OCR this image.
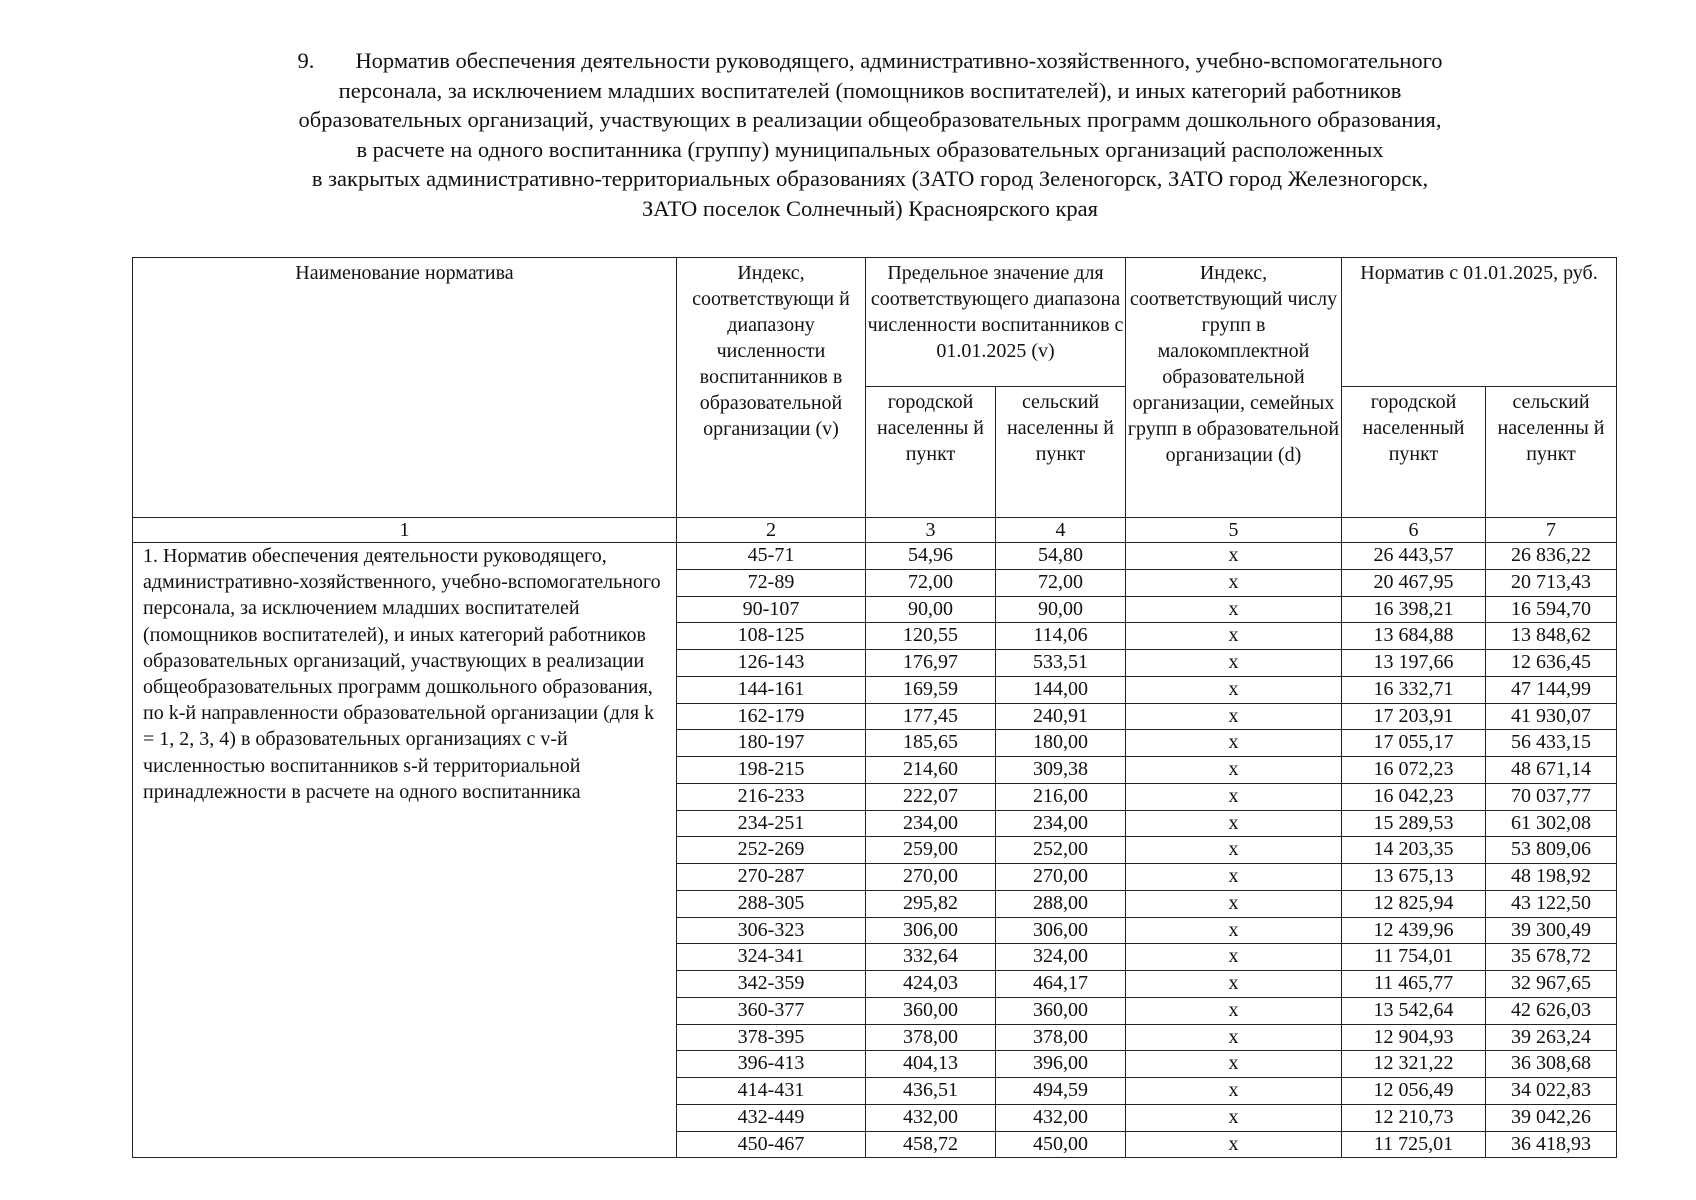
9. Норматив обеспечения деятельности руководящего, административно-хозяйственного, учебно-вспомогательного
персонала, за исключением младших воспитателей (помощников воспитателей), и иных категорий работников
образовательных организаций, участвующих в реализации общеобразовательных программ дошкольного образования,
в расчете на одного воспитанника (группу) муниципальных образовательных организаций расположенных
в закрытых административно-территориальных образованиях (ЗАТО город Зеленогорск, ЗАТО город Железногорск,
ЗАТО поселок Солнечный) Красноярского края
Наименование норматива	Индекс, соответствующи й диапазону численности воспитанников в образовательной организации (v)	Предельное значение для соответствующего диапазона численности воспитанников с 01.01.2025 (v)		Индекс, соответствующий числу групп в малокомплектной образовательной организации, семейных групп в образовательной организации (d)	Норматив с 01.01.2025, руб.	
		городской населенны й пункт	сельский населенны й пункт		городской населенный пункт	сельский населенны й пункт
1	2	3	4	5	6	7
1. Норматив обеспечения деятельности руководящего, административно-хозяйственного, учебно-вспомогательного персонала, за исключением младших воспитателей (помощников воспитателей), и иных категорий работников образовательных организаций, участвующих в реализации общеобразовательных программ дошкольного образования, по k-й направленности образовательной организации (для k = 1, 2, 3, 4) в образовательных организациях с v-й численностью воспитанников s-й территориальной принадлежности в расчете на одного воспитанника	45-71	54,96	54,80	x	26 443,57	26 836,22
	72-89	72,00	72,00	x	20 467,95	20 713,43
	90-107	90,00	90,00	x	16 398,21	16 594,70
	108-125	120,55	114,06	x	13 684,88	13 848,62
	126-143	176,97	533,51	x	13 197,66	12 636,45
	144-161	169,59	144,00	x	16 332,71	47 144,99
	162-179	177,45	240,91	x	17 203,91	41 930,07
	180-197	185,65	180,00	x	17 055,17	56 433,15
	198-215	214,60	309,38	x	16 072,23	48 671,14
	216-233	222,07	216,00	x	16 042,23	70 037,77
	234-251	234,00	234,00	x	15 289,53	61 302,08
	252-269	259,00	252,00	x	14 203,35	53 809,06
	270-287	270,00	270,00	x	13 675,13	48 198,92
	288-305	295,82	288,00	x	12 825,94	43 122,50
	306-323	306,00	306,00	x	12 439,96	39 300,49
	324-341	332,64	324,00	x	11 754,01	35 678,72
	342-359	424,03	464,17	x	11 465,77	32 967,65
	360-377	360,00	360,00	x	13 542,64	42 626,03
	378-395	378,00	378,00	x	12 904,93	39 263,24
	396-413	404,13	396,00	x	12 321,22	36 308,68
	414-431	436,51	494,59	x	12 056,49	34 022,83
	432-449	432,00	432,00	x	12 210,73	39 042,26
	450-467	458,72	450,00	x	11 725,01	36 418,93
